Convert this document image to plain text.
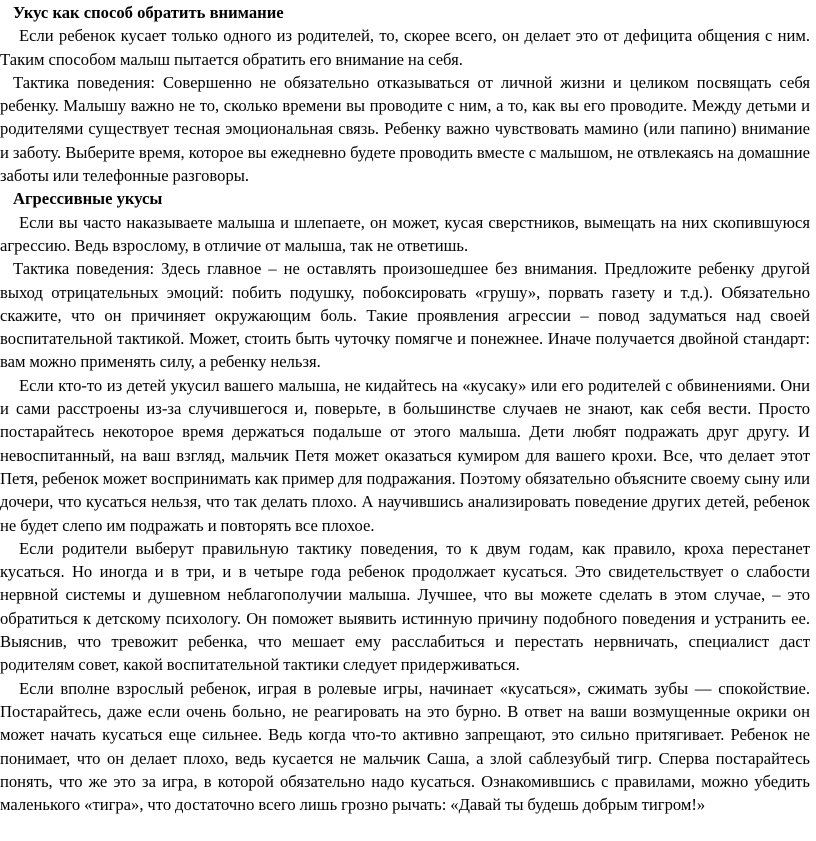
Укус как способ обратить внимание

Если ребенок кусает только одного из родителей, то, скорее всего, он делает это от дефицита общения с ним. Таким способом малыш пытается обратить его внимание на себя.

Тактика поведения: Совершенно не обязательно отказываться от личной жизни и целиком посвящать себя ребенку. Малышу важно не то, сколько времени вы проводите с ним, а то, как вы его проводите. Между детьми и родителями существует тесная эмоциональная связь. Ребенку важно чувствовать мамино (или папино) внимание и заботу. Выберите время, которое вы ежедневно будете проводить вместе с малышом, не отвлекаясь на домашние заботы или телефонные разговоры.

Агрессивные укусы

Если вы часто наказываете малыша и шлепаете, он может, кусая сверстников, вымещать на них скопившуюся агрессию. Ведь взрослому, в отличие от малыша, так не ответишь.

Тактика поведения: Здесь главное – не оставлять произошедшее без внимания. Предложите ребенку другой выход отрицательных эмоций: побить подушку, побоксировать «грушу», порвать газету и т.д.). Обязательно скажите, что он причиняет окружающим боль. Такие проявления агрессии – повод задуматься над своей воспитательной тактикой. Может, стоить быть чуточку помягче и понежнее. Иначе получается двойной стандарт: вам можно применять силу, а ребенку нельзя.

Если кто-то из детей укусил вашего малыша, не кидайтесь на «кусаку» или его родителей с обвинениями. Они и сами расстроены из-за случившегося и, поверьте, в большинстве случаев не знают, как себя вести. Просто постарайтесь некоторое время держаться подальше от этого малыша. Дети любят подражать друг другу. И невоспитанный, на ваш взгляд, мальчик Петя может оказаться кумиром для вашего крохи. Все, что делает этот Петя, ребенок может воспринимать как пример для подражания. Поэтому обязательно объясните своему сыну или дочери, что кусаться нельзя, что так делать плохо. А научившись анализировать поведение других детей, ребенок не будет слепо им подражать и повторять все плохое.

Если родители выберут правильную тактику поведения, то к двум годам, как правило, кроха перестанет кусаться. Но иногда и в три, и в четыре года ребенок продолжает кусаться. Это свидетельствует о слабости нервной системы и душевном неблагополучии малыша. Лучшее, что вы можете сделать в этом случае, – это обратиться к детскому психологу. Он поможет выявить истинную причину подобного поведения и устранить ее. Выяснив, что тревожит ребенка, что мешает ему расслабиться и перестать нервничать, специалист даст родителям совет, какой воспитательной тактики следует придерживаться.

Если вполне взрослый ребенок, играя в ролевые игры, начинает «кусаться», сжимать зубы — спокойствие. Постарайтесь, даже если очень больно, не реагировать на это бурно. В ответ на ваши возмущенные окрики он может начать кусаться еще сильнее. Ведь когда что-то активно запрещают, это сильно притягивает. Ребенок не понимает, что он делает плохо, ведь кусается не мальчик Саша, а злой саблезубый тигр. Сперва постарайтесь понять, что же это за игра, в которой обязательно надо кусаться. Ознакомившись с правилами, можно убедить маленького «тигра», что достаточно всего лишь грозно рычать: «Давай ты будешь добрым тигром!»
